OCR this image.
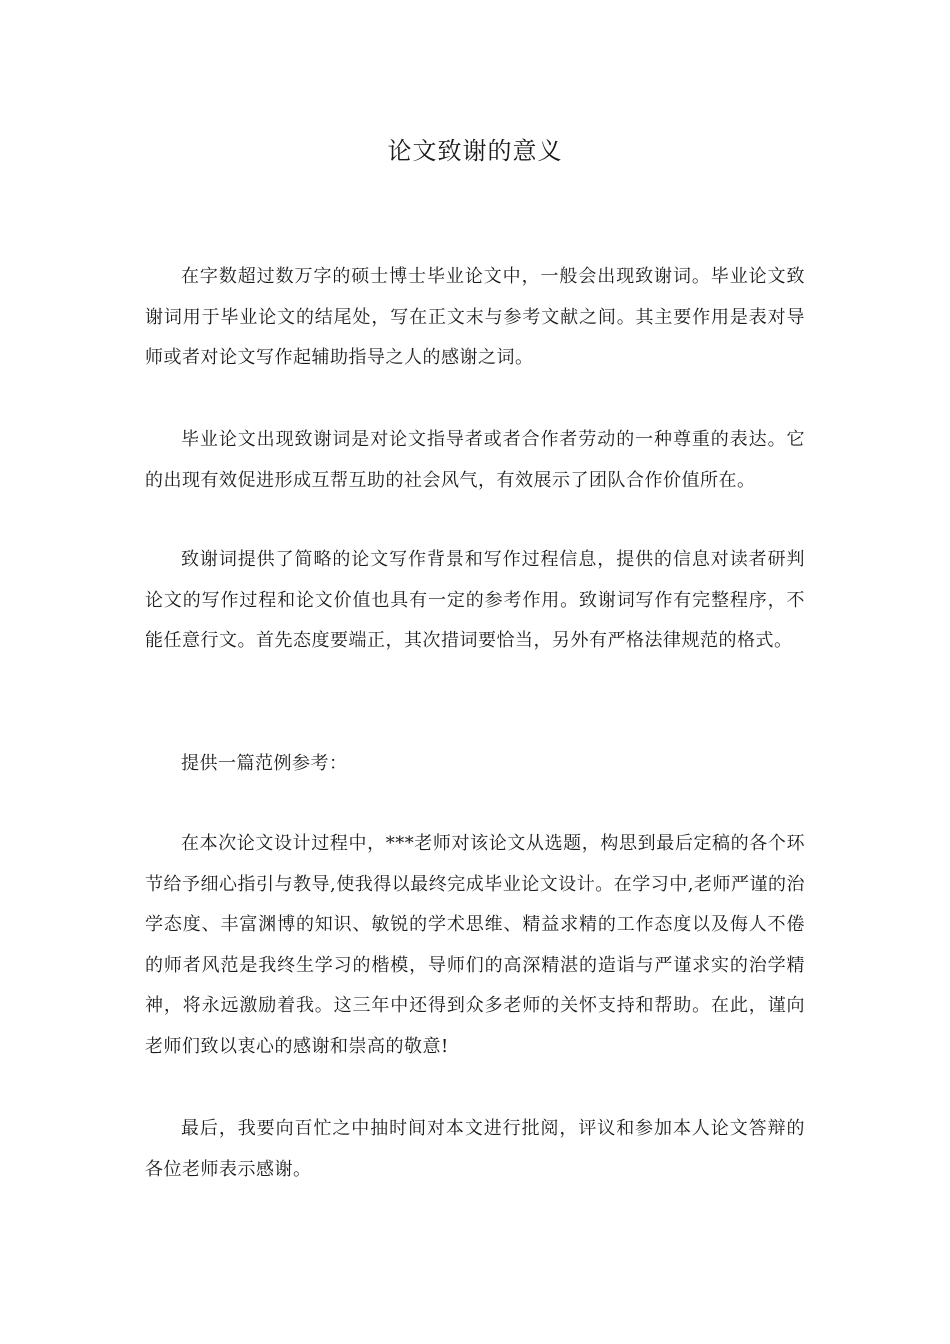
论文致谢的意义

在字数超过数万字的硕士博士毕业论文中，一般会出现致谢词。毕业论文致谢词用于毕业论文的结尾处，写在正文末与参考文献之间。其主要作用是表对导师或者对论文写作起辅助指导之人的感谢之词。

毕业论文出现致谢词是对论文指导者或者合作者劳动的一种尊重的表达。它的出现有效促进形成互帮互助的社会风气，有效展示了团队合作价值所在。

致谢词提供了简略的论文写作背景和写作过程信息，提供的信息对读者研判论文的写作过程和论文价值也具有一定的参考作用。致谢词写作有完整程序，不能任意行文。首先态度要端正，其次措词要恰当，另外有严格法律规范的格式。

提供一篇范例参考：

在本次论文设计过程中，***老师对该论文从选题，构思到最后定稿的各个环节给予细心指引与教导,使我得以最终完成毕业论文设计。在学习中,老师严谨的治学态度、丰富渊博的知识、敏锐的学术思维、精益求精的工作态度以及侮人不倦的师者风范是我终生学习的楷模，导师们的高深精湛的造诣与严谨求实的治学精神，将永远激励着我。这三年中还得到众多老师的关怀支持和帮助。在此，谨向老师们致以衷心的感谢和崇高的敬意!

最后，我要向百忙之中抽时间对本文进行批阅，评议和参加本人论文答辩的各位老师表示感谢。
